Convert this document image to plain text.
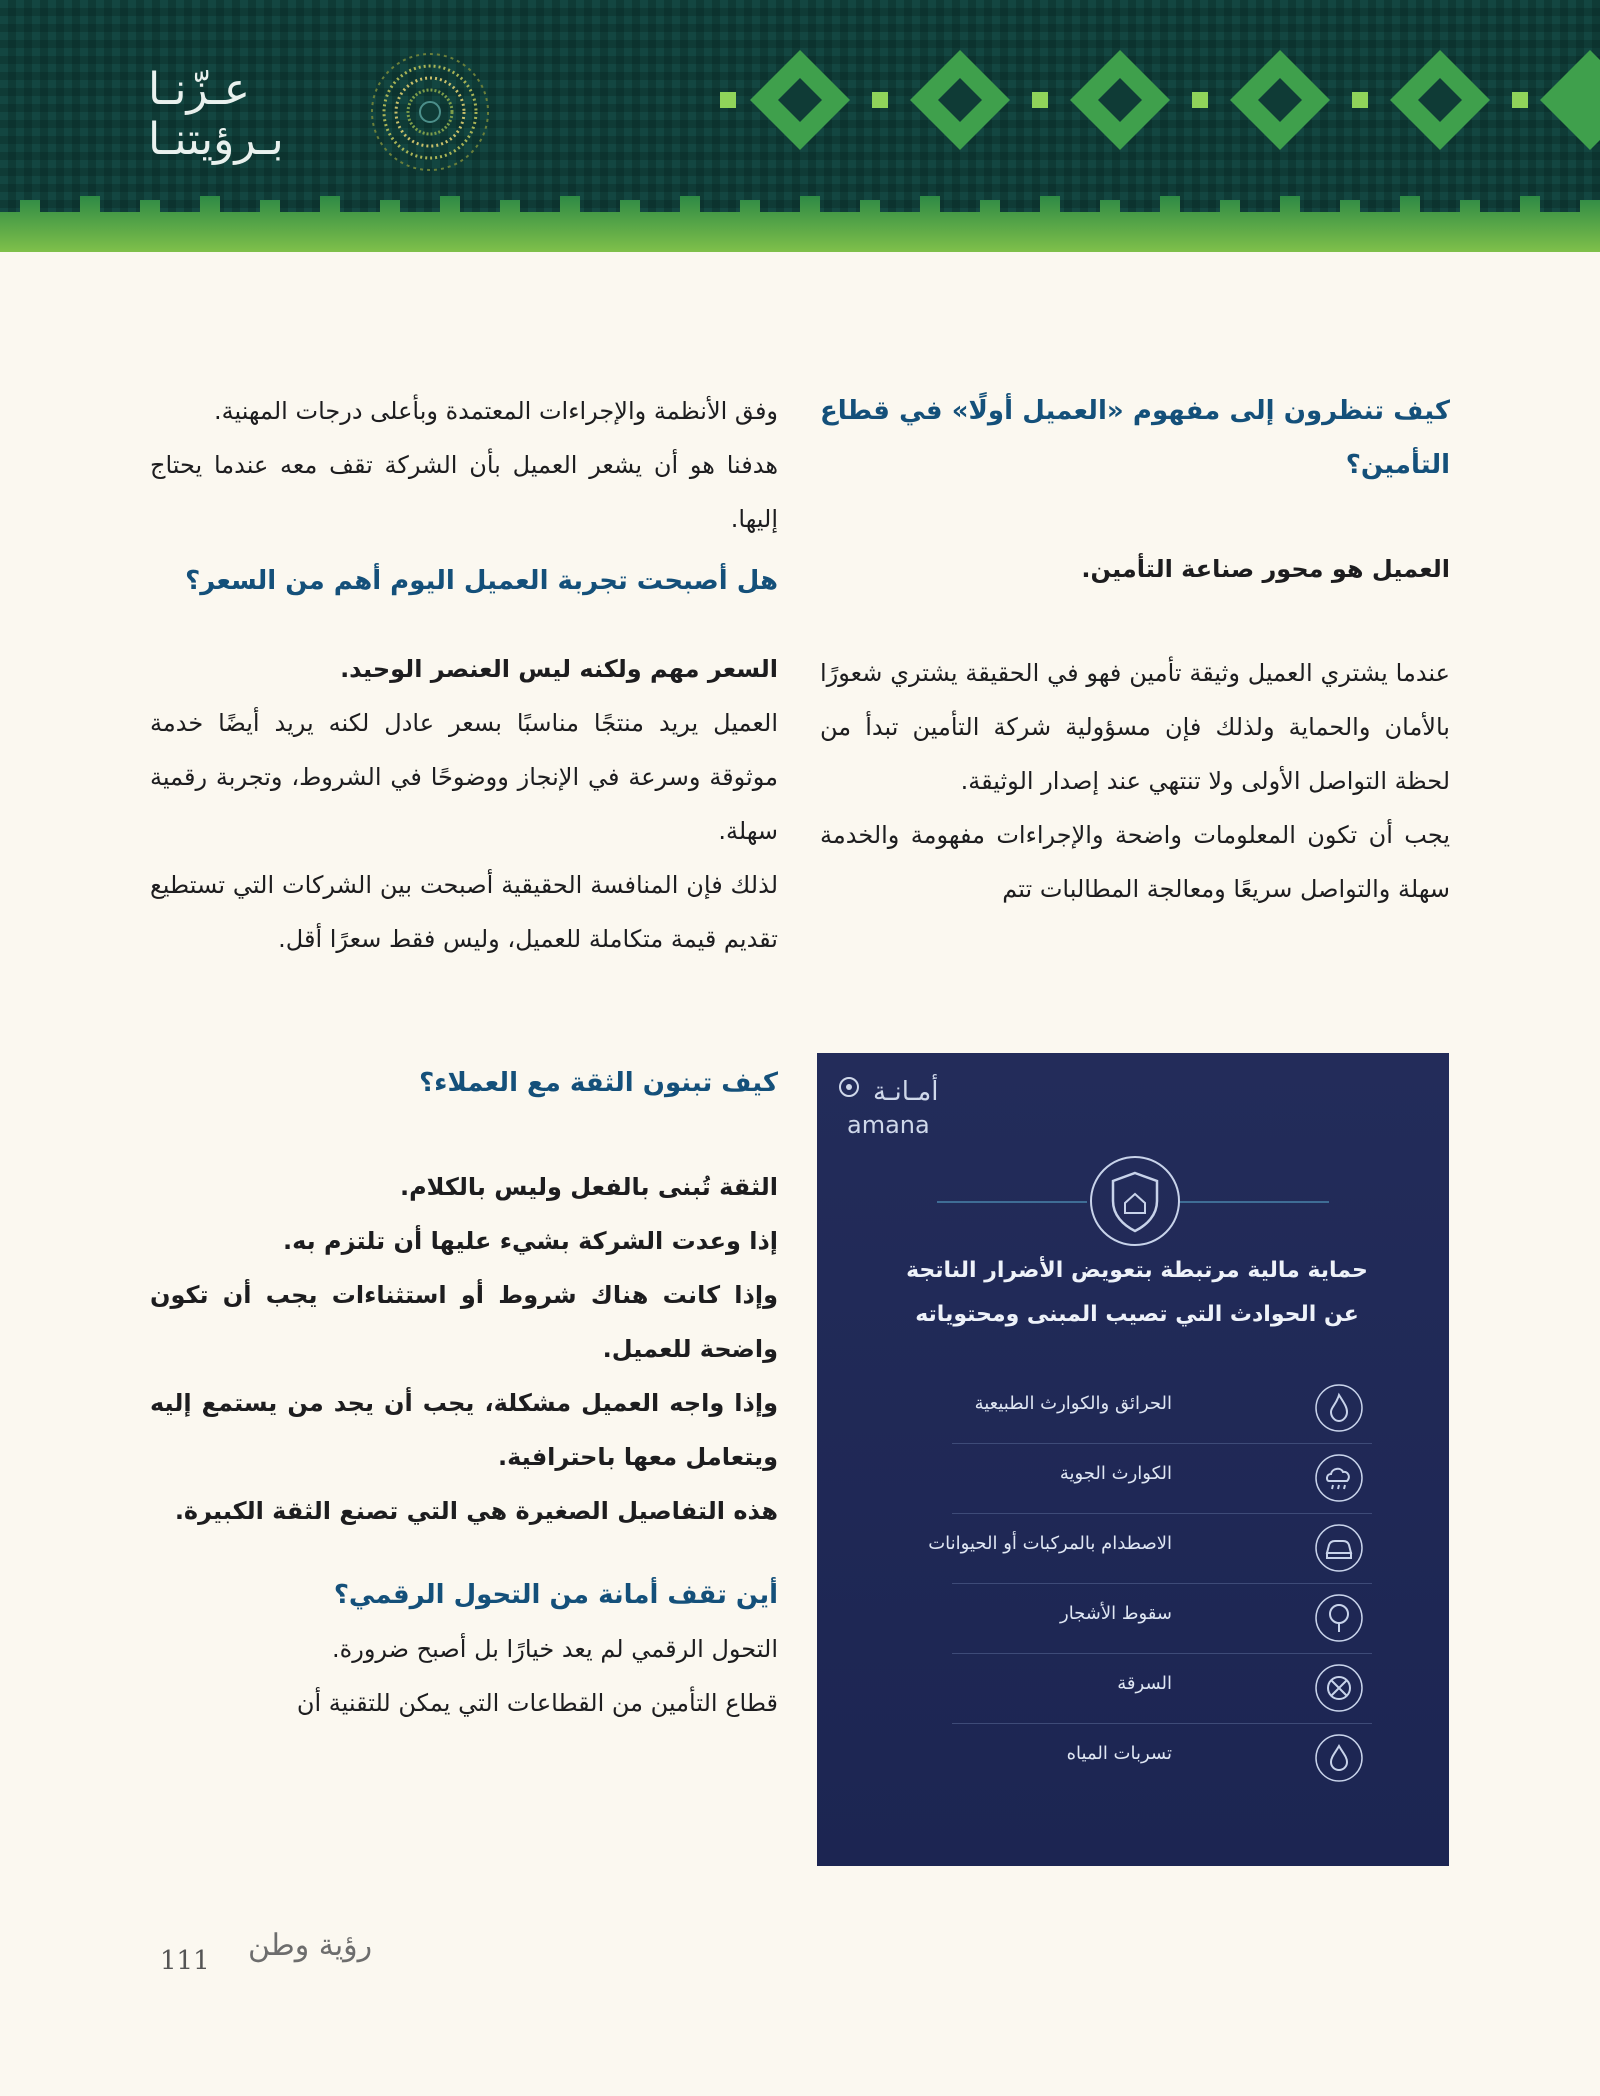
عـزّنـا
بـرؤيتنـا

كيف تنظرون إلى مفهوم «العميل أولًا» في قطاع التأمين؟

العميل هو محور صناعة التأمين.

عندما يشتري العميل وثيقة تأمين فهو في الحقيقة يشتري شعورًا بالأمان والحماية ولذلك فإن مسؤولية شركة التأمين تبدأ من لحظة التواصل الأولى ولا تنتهي عند إصدار الوثيقة.

يجب أن تكون المعلومات واضحة والإجراءات مفهومة والخدمة سهلة والتواصل سريعًا ومعالجة المطالبات تتم

وفق الأنظمة والإجراءات المعتمدة وبأعلى درجات المهنية.

هدفنا هو أن يشعر العميل بأن الشركة تقف معه عندما يحتاج إليها.

هل أصبحت تجربة العميل اليوم أهم من السعر؟

السعر مهم ولكنه ليس العنصر الوحيد.

العميل يريد منتجًا مناسبًا بسعر عادل لكنه يريد أيضًا خدمة موثوقة وسرعة في الإنجاز ووضوحًا في الشروط، وتجربة رقمية سهلة.

لذلك فإن المنافسة الحقيقية أصبحت بين الشركات التي تستطيع تقديم قيمة متكاملة للعميل، وليس فقط سعرًا أقل.

كيف تبنون الثقة مع العملاء؟

الثقة تُبنى بالفعل وليس بالكلام.

إذا وعدت الشركة بشيء عليها أن تلتزم به.

وإذا كانت هناك شروط أو استثناءات يجب أن تكون واضحة للعميل.

وإذا واجه العميل مشكلة، يجب أن يجد من يستمع إليه ويتعامل معها باحترافية.

هذه التفاصيل الصغيرة هي التي تصنع الثقة الكبيرة.

أين تقف أمانة من التحول الرقمي؟

التحول الرقمي لم يعد خيارًا بل أصبح ضرورة.

قطاع التأمين من القطاعات التي يمكن للتقنية أن

أمـانـة
amana
حماية مالية مرتبطة بتعويض الأضرار الناتجة عن الحوادث التي تصيب المبنى ومحتوياته
الحرائق والكوارث الطبيعية
الكوارث الجوية
الاصطدام بالمركبات أو الحيوانات
سقوط الأشجار
السرقة
تسربات المياه
111 رؤية وطن
